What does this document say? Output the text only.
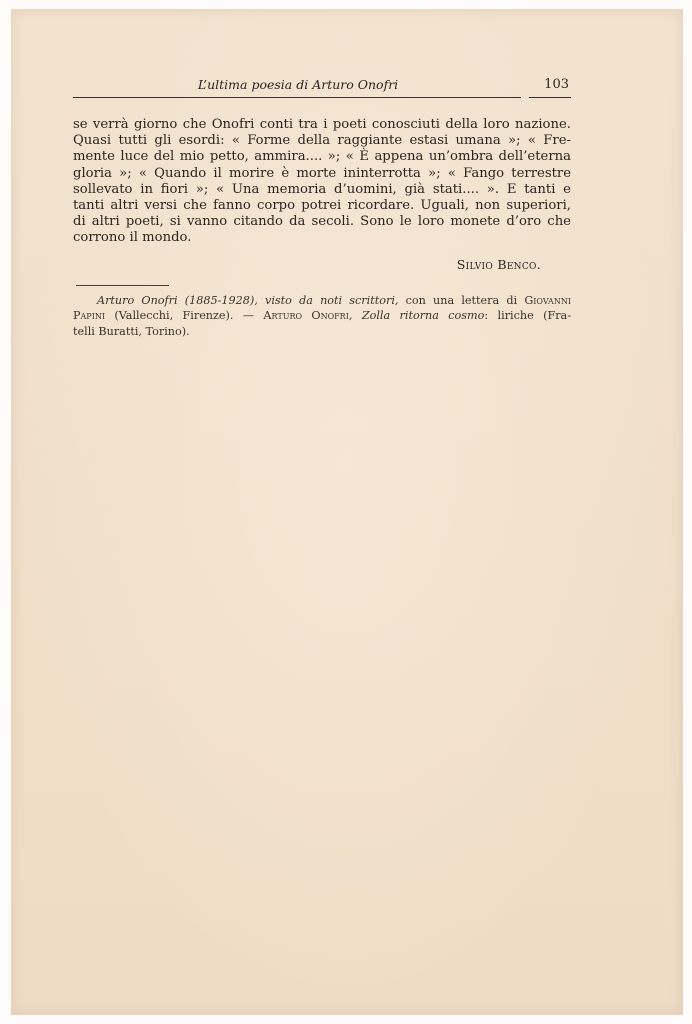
L’ultima poesia di Arturo Onofri	103
se verrà giorno che Onofri conti tra i poeti conosciuti della loro nazione.
Quasi tutti gli esordi: « Forme della raggiante estasi umana »; « Fre-
mente luce del mio petto, ammira.... »; « È appena un’ombra dell’eterna
gloria »; « Quando il morire è morte ininterrotta »; « Fango terrestre
sollevato in fiori »; « Una memoria d’uomini, già stati.... ». E tanti e
tanti altri versi che fanno corpo potrei ricordare. Uguali, non superiori,
di altri poeti, si vanno citando da secoli. Sono le loro monete d’oro che
corrono il mondo.
Silvio Benco.
Arturo Onofri (1885-1928), visto da noti scrittori, con una lettera di Giovanni
Papini (Vallecchi, Firenze). — Arturo Onofri, Zolla ritorna cosmo: liriche (Fra-
telli Buratti, Torino).
